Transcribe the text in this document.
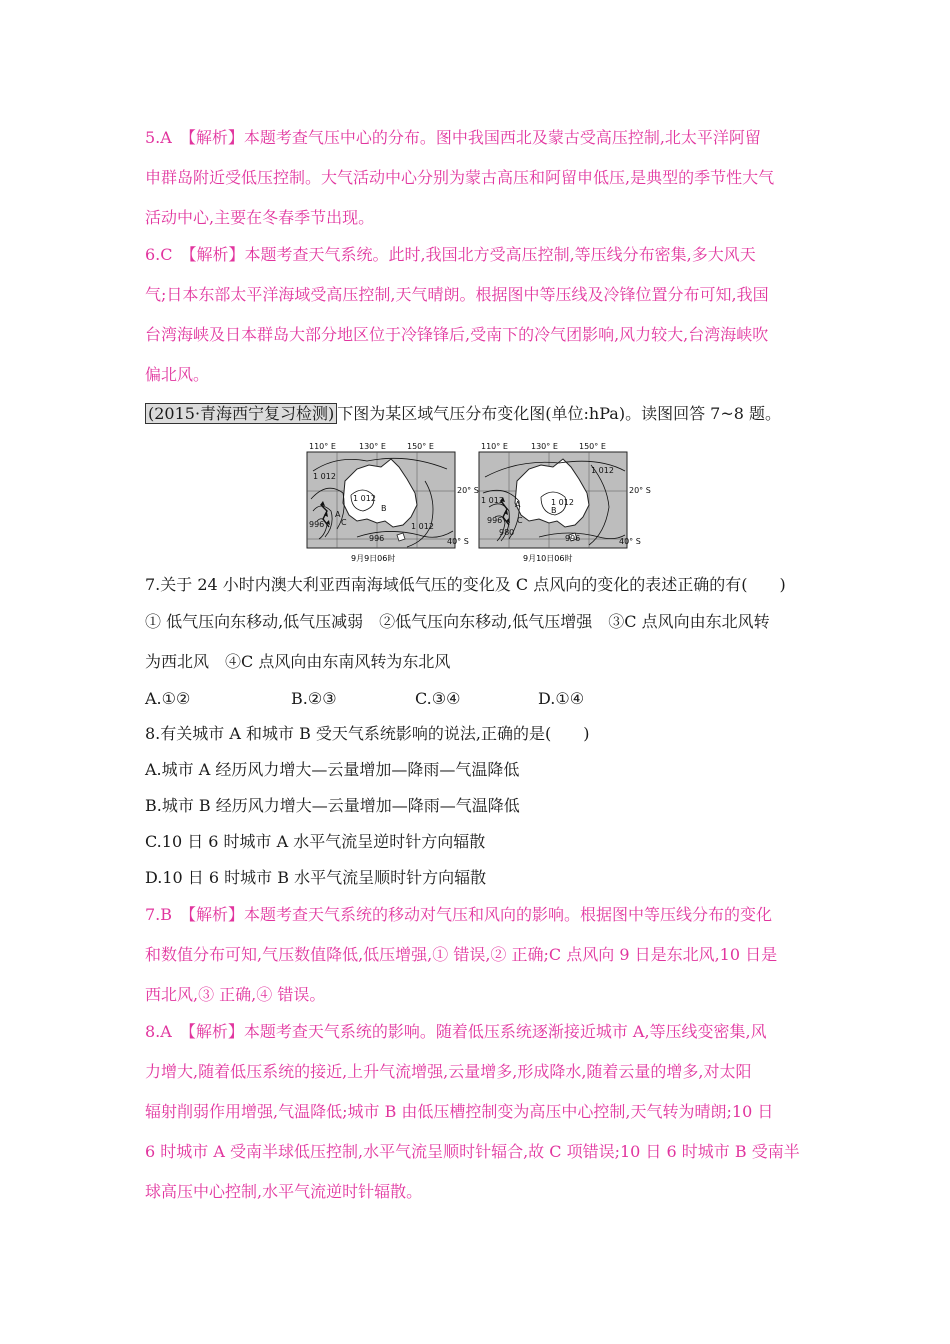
5.A　【解析】本题考查气压中心的分布。图中我国西北及蒙古受高压控制,北太平洋阿留
申群岛附近受低压控制。大气活动中心分别为蒙古高压和阿留申低压,是典型的季节性大气
活动中心,主要在冬春季节出现。
6.C　【解析】本题考查天气系统。此时,我国北方受高压控制,等压线分布密集,多大风天
气;日本东部太平洋海域受高压控制,天气晴朗。根据图中等压线及冷锋位置分布可知,我国
台湾海峡及日本群岛大部分地区位于冷锋锋后,受南下的冷气团影响,风力较大,台湾海峡吹
偏北风。
(2015·青海西宁复习检测) 下图为某区域气压分布变化图(单位:hPa)。读图回答 7~8 题。
110° E	130° E	150° E
1 012
1 012
1 012
996
996
A
B
C
20° S
40° S
9月9日06时
110° E	130° E	150° E
1 012
1 012	1 012
996
980
996
A
B
C
20° S
40° S
9月10日06时
7.关于 24 小时内澳大利亚西南海域低气压的变化及 C 点风向的变化的表述正确的有(　　)
① 低气压向东移动,低气压减弱　②低气压向东移动,低气压增强　③C 点风向由东北风转
为西北风　④C 点风向由东南风转为东北风
A.①②	B.②③	C.③④	D.①④
8.有关城市 A 和城市 B 受天气系统影响的说法,正确的是(　　)
A.城市 A 经历风力增大—云量增加—降雨—气温降低
B.城市 B 经历风力增大—云量增加—降雨—气温降低
C.10 日 6 时城市 A 水平气流呈逆时针方向辐散
D.10 日 6 时城市 B 水平气流呈顺时针方向辐散
7.B　【解析】本题考查天气系统的移动对气压和风向的影响。根据图中等压线分布的变化
和数值分布可知,气压数值降低,低压增强,① 错误,② 正确;C 点风向 9 日是东北风,10 日是
西北风,③ 正确,④ 错误。
8.A　【解析】本题考查天气系统的影响。随着低压系统逐渐接近城市 A,等压线变密集,风
力增大,随着低压系统的接近,上升气流增强,云量增多,形成降水,随着云量的增多,对太阳
辐射削弱作用增强,气温降低;城市 B 由低压槽控制变为高压中心控制,天气转为晴朗;10 日
6 时城市 A 受南半球低压控制,水平气流呈顺时针辐合,故 C 项错误;10 日 6 时城市 B 受南半
球高压中心控制,水平气流逆时针辐散。
